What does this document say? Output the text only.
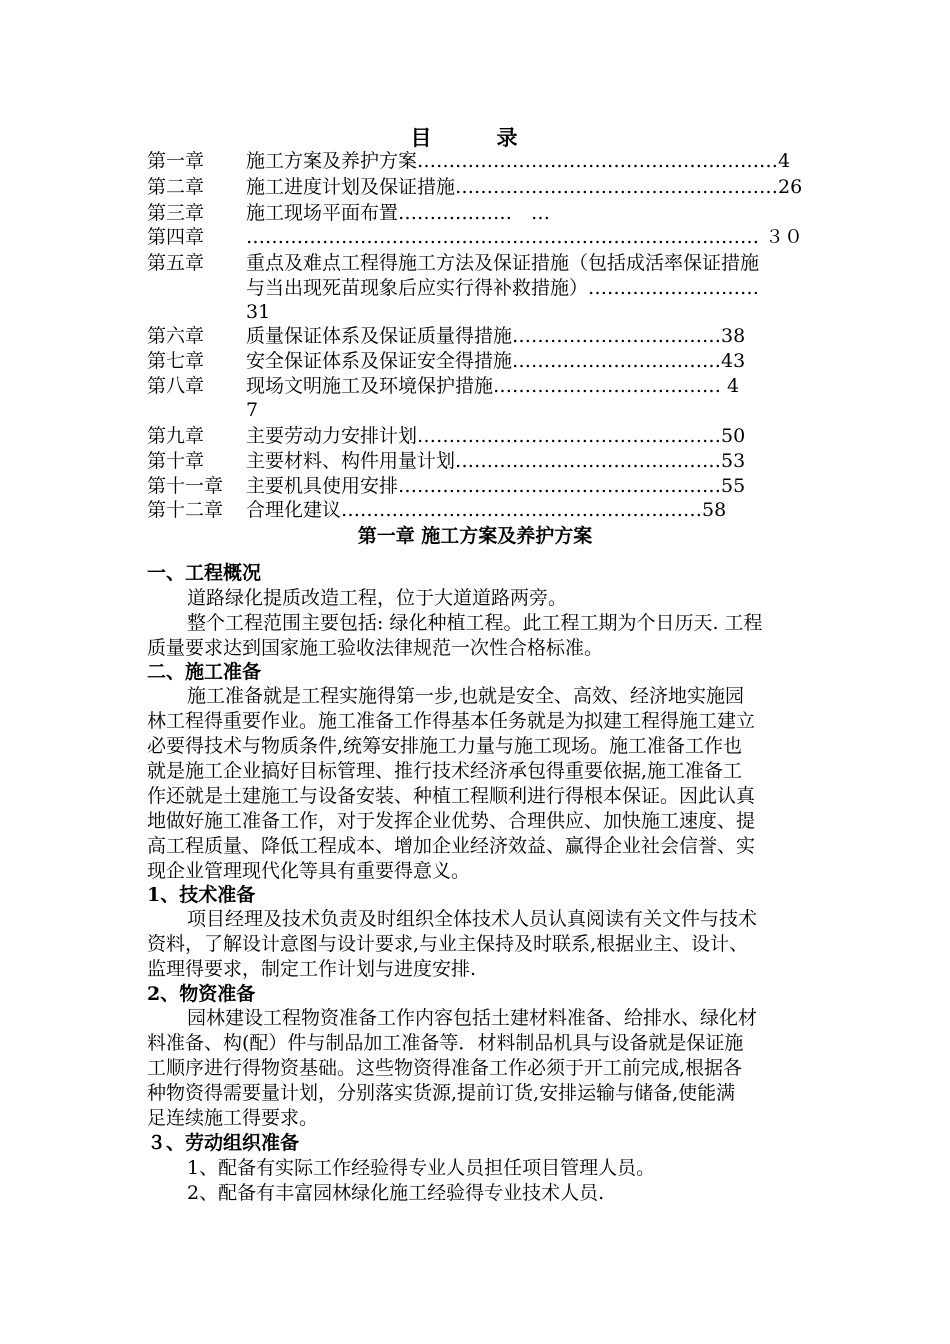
目　录
第一章 施工方案及养护方案…………………………………………………4
第二章 施工进度计划及保证措施……………………………………………26
第三章 施工现场平面布置………………　…
第四章 ……………………………………………………………………… ３０
第五章 重点及难点工程得施工方法及保证措施（包括成活率保证措施
与当出现死苗现象后应实行得补救措施）………………………
31
第六章 质量保证体系及保证质量得措施……………………………38
第七章 安全保证体系及保证安全得措施……………………………43
第八章 现场文明施工及环境保护措施……………………………… 4
7
第九章 主要劳动力安排计划…………………………………………50
第十章 主要材料、构件用量计划……………………………………53
第十一章 主要机具使用安排……………………………………………55
第十二章 合理化建议…………………………………………………58
第一章 施工方案及养护方案
一、工程概况
道路绿化提质改造工程，位于大道道路两旁。
整个工程范围主要包括: 绿化种植工程。此工程工期为个日历天. 工程
质量要求达到国家施工验收法律规范一次性合格标准。
二、施工准备
施工准备就是工程实施得第一步,也就是安全、高效、经济地实施园
林工程得重要作业。施工准备工作得基本任务就是为拟建工程得施工建立
必要得技术与物质条件,统筹安排施工力量与施工现场。施工准备工作也
就是施工企业搞好目标管理、推行技术经济承包得重要依据,施工准备工
作还就是土建施工与设备安装、种植工程顺利进行得根本保证。因此认真
地做好施工准备工作，对于发挥企业优势、合理供应、加快施工速度、提
高工程质量、降低工程成本、增加企业经济效益、赢得企业社会信誉、实
现企业管理现代化等具有重要得意义。
1、技术准备
项目经理及技术负责及时组织全体技术人员认真阅读有关文件与技术
资料，了解设计意图与设计要求,与业主保持及时联系,根据业主、设计、
监理得要求，制定工作计划与进度安排.
2、物资准备
园林建设工程物资准备工作内容包括土建材料准备、给排水、绿化材
料准备、构(配）件与制品加工准备等．材料制品机具与设备就是保证施
工顺序进行得物资基础。这些物资得准备工作必须于开工前完成,根据各
种物资得需要量计划，分别落实货源,提前订货,安排运输与储备,使能满
足连续施工得要求。
３、劳动组织准备
1、配备有实际工作经验得专业人员担任项目管理人员。
2、配备有丰富园林绿化施工经验得专业技术人员.
